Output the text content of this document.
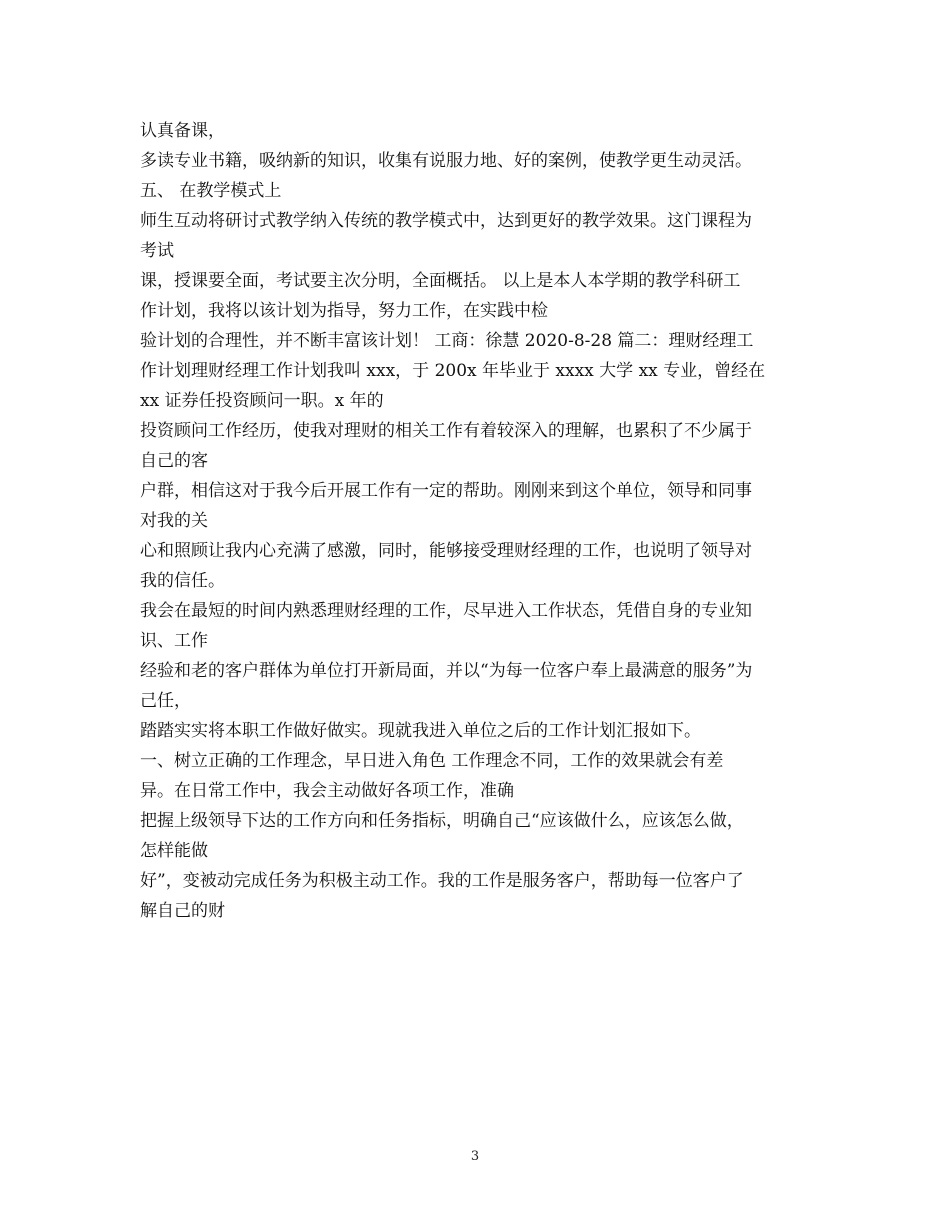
认真备课，
多读专业书籍，吸纳新的知识，收集有说服力地、好的案例，使教学更生动灵活。
五、 在教学模式上
师生互动将研讨式教学纳入传统的教学模式中，达到更好的教学效果。这门课程为
考试
课，授课要全面，考试要主次分明，全面概括。 以上是本人本学期的教学科研工
作计划，我将以该计划为指导，努力工作，在实践中检
验计划的合理性，并不断丰富该计划！ 工商：徐慧 2020-8-28 篇二：理财经理工
作计划理财经理工作计划我叫 xxx，于 200x 年毕业于 xxxx 大学 xx 专业，曾经在
xx 证券任投资顾问一职。x 年的
投资顾问工作经历，使我对理财的相关工作有着较深入的理解，也累积了不少属于
自己的客
户群，相信这对于我今后开展工作有一定的帮助。刚刚来到这个单位，领导和同事
对我的关
心和照顾让我内心充满了感激，同时，能够接受理财经理的工作，也说明了领导对
我的信任。
我会在最短的时间内熟悉理财经理的工作，尽早进入工作状态，凭借自身的专业知
识、工作
经验和老的客户群体为单位打开新局面，并以“为每一位客户奉上最满意的服务”为
己任，
踏踏实实将本职工作做好做实。现就我进入单位之后的工作计划汇报如下。
一、树立正确的工作理念，早日进入角色 工作理念不同，工作的效果就会有差
异。在日常工作中，我会主动做好各项工作，准确
把握上级领导下达的工作方向和任务指标，明确自己“应该做什么，应该怎么做，
怎样能做
好”，变被动完成任务为积极主动工作。我的工作是服务客户，帮助每一位客户了
解自己的财
3
